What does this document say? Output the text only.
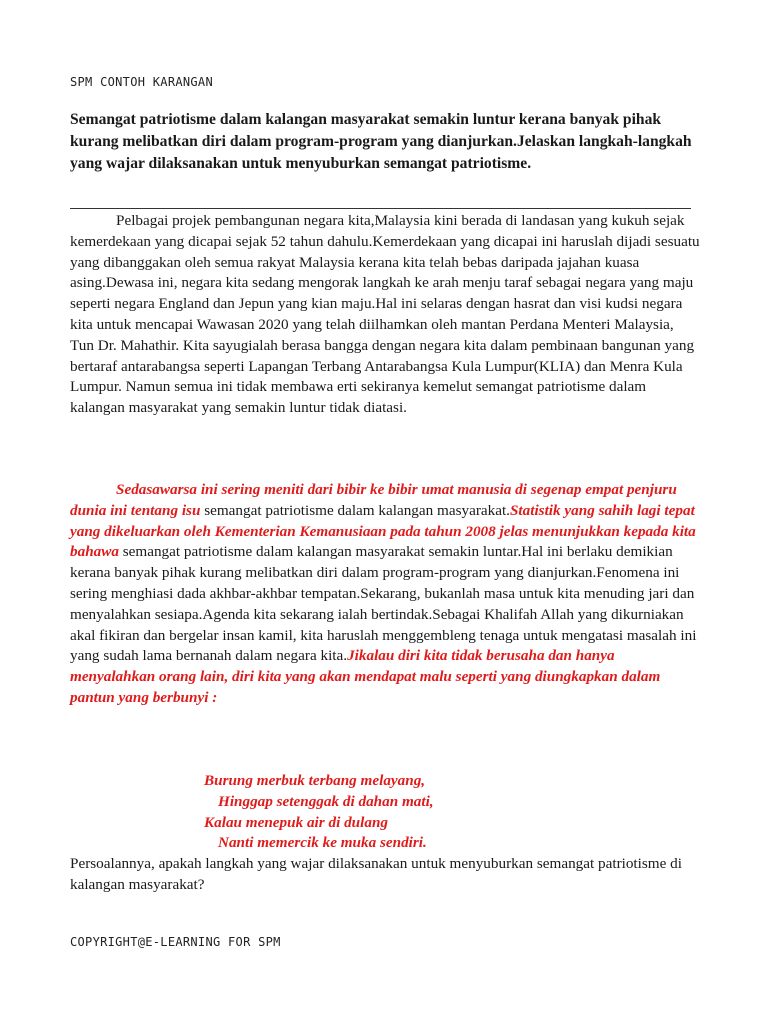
SPM CONTOH KARANGAN
Semangat patriotisme dalam kalangan masyarakat semakin luntur kerana banyak pihak kurang melibatkan diri dalam program-program yang dianjurkan.Jelaskan langkah-langkah yang wajar dilaksanakan untuk menyuburkan semangat patriotisme.
Pelbagai projek pembangunan negara kita,Malaysia kini berada di landasan yang kukuh sejak kemerdekaan yang dicapai sejak 52 tahun dahulu.Kemerdekaan yang dicapai ini haruslah dijadi sesuatu yang dibanggakan oleh semua rakyat Malaysia kerana kita telah bebas daripada jajahan kuasa asing.Dewasa ini, negara kita sedang mengorak langkah ke arah menju taraf sebagai negara yang maju seperti negara England dan Jepun yang kian maju.Hal ini selaras dengan hasrat dan visi kudsi negara kita untuk mencapai Wawasan 2020 yang telah diilhamkan oleh mantan Perdana Menteri Malaysia, Tun Dr. Mahathir. Kita sayugialah berasa bangga dengan negara kita dalam pembinaan bangunan yang bertaraf antarabangsa seperti Lapangan Terbang Antarabangsa Kula Lumpur(KLIA) dan Menra Kula Lumpur. Namun semua ini tidak membawa erti sekiranya kemelut semangat patriotisme dalam kalangan masyarakat yang semakin luntur tidak diatasi.
Sedasawarsa ini sering meniti dari bibir ke bibir umat manusia di segenap empat penjuru dunia ini tentang isu semangat patriotisme dalam kalangan masyarakat.Statistik yang sahih lagi tepat yang dikeluarkan oleh Kementerian Kemanusiaan pada tahun 2008 jelas menunjukkan kepada kita bahawa semangat patriotisme dalam kalangan masyarakat semakin luntar.Hal ini berlaku demikian kerana banyak pihak kurang melibatkan diri dalam program-program yang dianjurkan.Fenomena ini sering menghiasi dada akhbar-akhbar tempatan.Sekarang, bukanlah masa untuk kita menuding jari dan menyalahkan sesiapa.Agenda kita sekarang ialah bertindak.Sebagai Khalifah Allah yang dikurniakan akal fikiran dan bergelar insan kamil, kita haruslah menggembleng tenaga untuk mengatasi masalah ini yang sudah lama bernanah dalam negara kita.Jikalau diri kita tidak berusaha dan hanya menyalahkan orang lain, diri kita yang akan mendapat malu seperti yang diungkapkan dalam pantun yang berbunyi :
Burung merbuk terbang melayang,
Hinggap setenggak di dahan mati,
Kalau menepuk air di dulang
Nanti memercik ke muka sendiri.
Persoalannya, apakah langkah yang wajar dilaksanakan untuk menyuburkan semangat patriotisme di kalangan masyarakat?
COPYRIGHT@E-LEARNING FOR SPM
